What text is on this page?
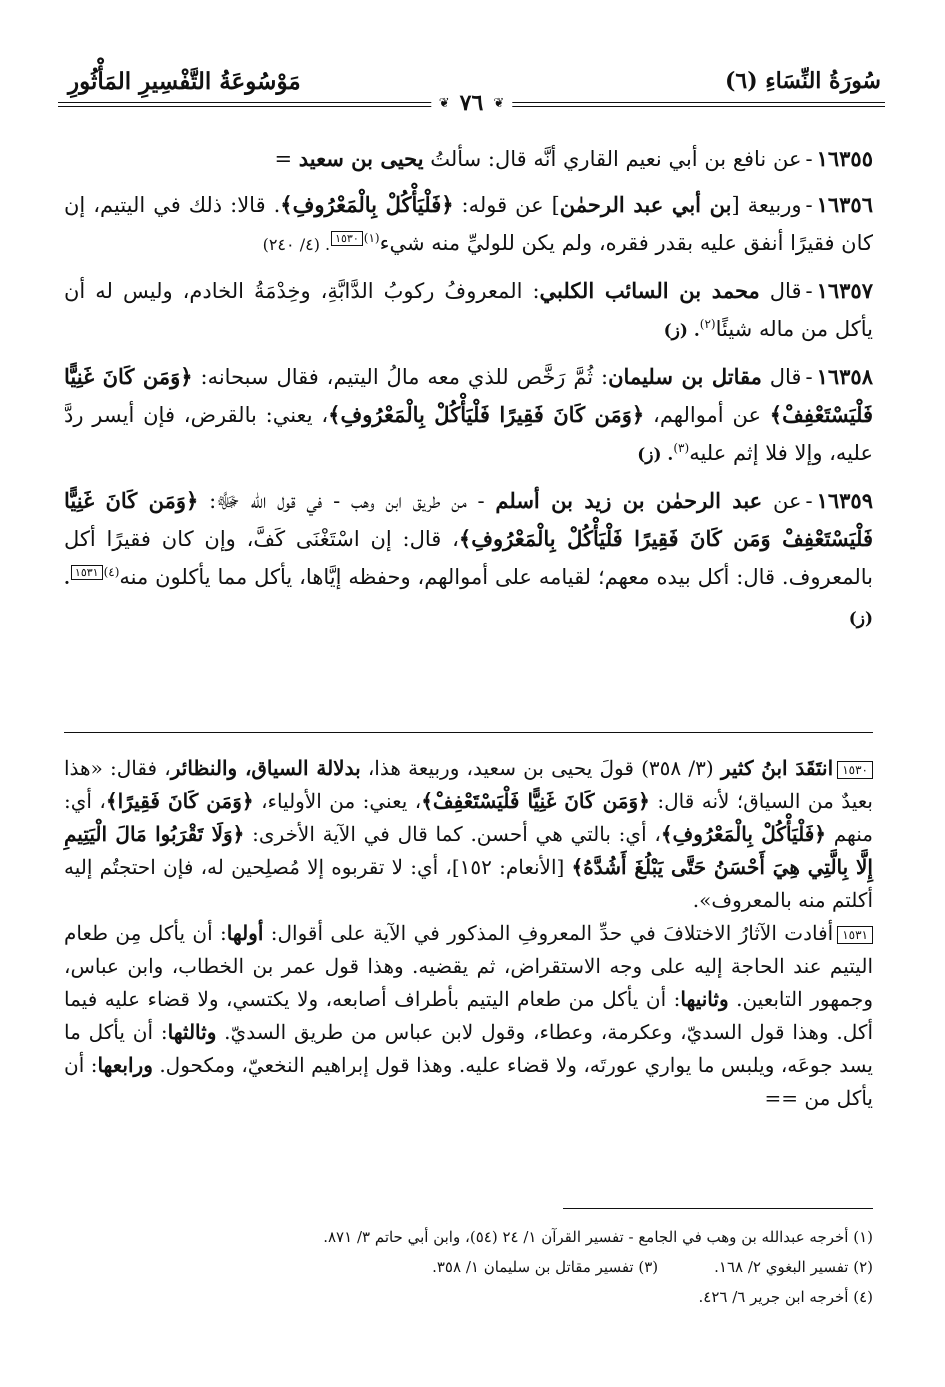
سُورَةُ النِّسَاءِ (٦)
مَوْسُوعَةُ التَّفْسِيرِ المَأْثُورِ
❦
٧٦
❦

١٦٣٥٥-عن نافع بن أبي نعيم القاري أنَّه قال: سألتُ يحيى بن سعيد =

١٦٣٥٦-وربيعة [بن أبي عبد الرحمٰن] عن قوله: ﴿فَلْيَأْكُلْ بِالْمَعْرُوفِ﴾. قالا: ذلك في اليتيم، إن كان فقيرًا أنفق عليه بقدر فقره، ولم يكن للوليِّ منه شيء$^{(١)}$١٥٣٠. (٤/ ٢٤٠)

١٦٣٥٧-قال محمد بن السائب الكلبي: المعروفُ ركوبُ الدَّابَّةِ، وخِدْمَةُ الخادم، وليس له أن يأكل من ماله شيئًا$^{(٢)}$. (ز)

١٦٣٥٨-قال مقاتل بن سليمان: ثُمَّ رَخَّص للذي معه مالُ اليتيم، فقال سبحانه: ﴿وَمَن كَانَ غَنِيًّا فَلْيَسْتَعْفِفْ﴾ عن أموالهم، ﴿وَمَن كَانَ فَقِيرًا فَلْيَأْكُلْ بِالْمَعْرُوفِ﴾، يعني: بالقرض، فإن أيسر ردَّ عليه، وإلا فلا إثم عليه$^{(٣)}$. (ز)

١٦٣٥٩-عن عبد الرحمٰن بن زيد بن أسلم - من طريق ابن وهب - في قول الله ﷻ: ﴿وَمَن كَانَ غَنِيًّا فَلْيَسْتَعْفِفْ وَمَن كَانَ فَقِيرًا فَلْيَأْكُلْ بِالْمَعْرُوفِ﴾، قال: إن اسْتَغْنَى كَفَّ، وإن كان فقيرًا أكل بالمعروف. قال: أكل بيده معهم؛ لقيامه على أموالهم، وحفظه إيَّاها، يأكل مما يأكلون منه$^{(٤)}$١٥٣١. (ز)

١٥٣٠انتَقَدَ ابنُ كثير (٣/ ٣٥٨) قولَ يحيى بن سعيد، وربيعة هذا، بدلالة السياق، والنظائر، فقال: «هذا بعيدٌ من السياق؛ لأنه قال: ﴿وَمَن كَانَ غَنِيًّا فَلْيَسْتَعْفِفْ﴾، يعني: من الأولياء، ﴿وَمَن كَانَ فَقِيرًا﴾، أي: منهم ﴿فَلْيَأْكُلْ بِالْمَعْرُوفِ﴾، أي: بالتي هي أحسن. كما قال في الآية الأخرى: ﴿وَلَا تَقْرَبُوا مَالَ الْيَتِيمِ إِلَّا بِالَّتِي هِيَ أَحْسَنُ حَتَّى يَبْلُغَ أَشُدَّهُ﴾ [الأنعام: ١٥٢]، أي: لا تقربوه إلا مُصلِحين له، فإن احتجتُم إليه أكلتم منه بالمعروف».

١٥٣١أفادت الآثارُ الاختلافَ في حدِّ المعروفِ المذكور في الآية على أقوال: أولها: أن يأكل مِن طعام اليتيم عند الحاجة إليه على وجه الاستقراض، ثم يقضيه. وهذا قول عمر بن الخطاب، وابن عباس، وجمهور التابعين. وثانيها: أن يأكل من طعام اليتيم بأطراف أصابعه، ولا يكتسي، ولا قضاء عليه فيما أكل. وهذا قول السديّ، وعكرمة، وعطاء، وقول لابن عباس من طريق السديّ. وثالثها: أن يأكل ما يسد جوعَه، ويلبس ما يواري عورتَه، ولا قضاء عليه. وهذا قول إبراهيم النخعيّ، ومكحول. ورابعها: أن يأكل من ==

(١) أخرجه عبدالله بن وهب في الجامع - تفسير القرآن ١/ ٢٤ (٥٤)، وابن أبي حاتم ٣/ ٨٧١.

(٢) تفسير البغوي ٢/ ١٦٨.

(٣) تفسير مقاتل بن سليمان ١/ ٣٥٨.

(٤) أخرجه ابن جرير ٦/ ٤٢٦.
